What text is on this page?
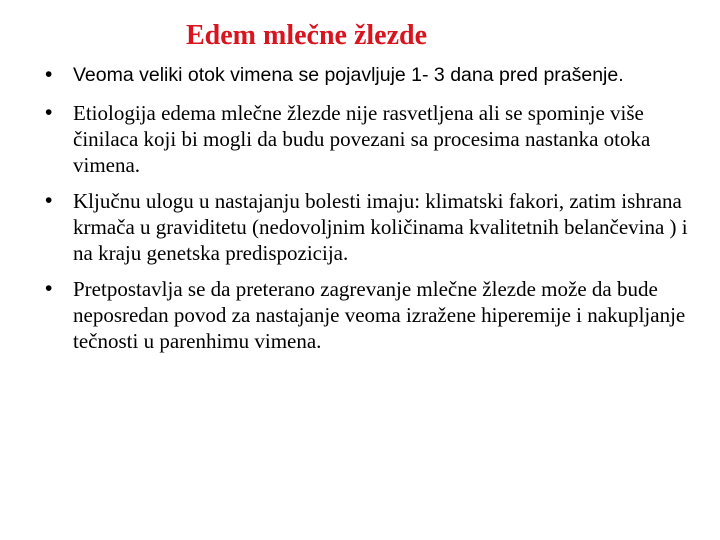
Edem mlečne žlezde
• Veoma veliki otok vimena se pojavljuje 1- 3 dana pred prašenje.
• Etiologija edema mlečne žlezde nije rasvetljena ali se spominje više činilaca koji bi mogli da budu povezani sa procesima nastanka otoka vimena.
• Ključnu ulogu u nastajanju bolesti imaju: klimatski fakori, zatim ishrana krmača u graviditetu (nedovoljnim količinama kvalitetnih belančevina ) i na kraju genetska predispozicija.
• Pretpostavlja se da preterano zagrevanje mlečne žlezde može da bude neposredan povod za nastajanje veoma izražene hiperemije i nakupljanje tečnosti u parenhimu vimena.
